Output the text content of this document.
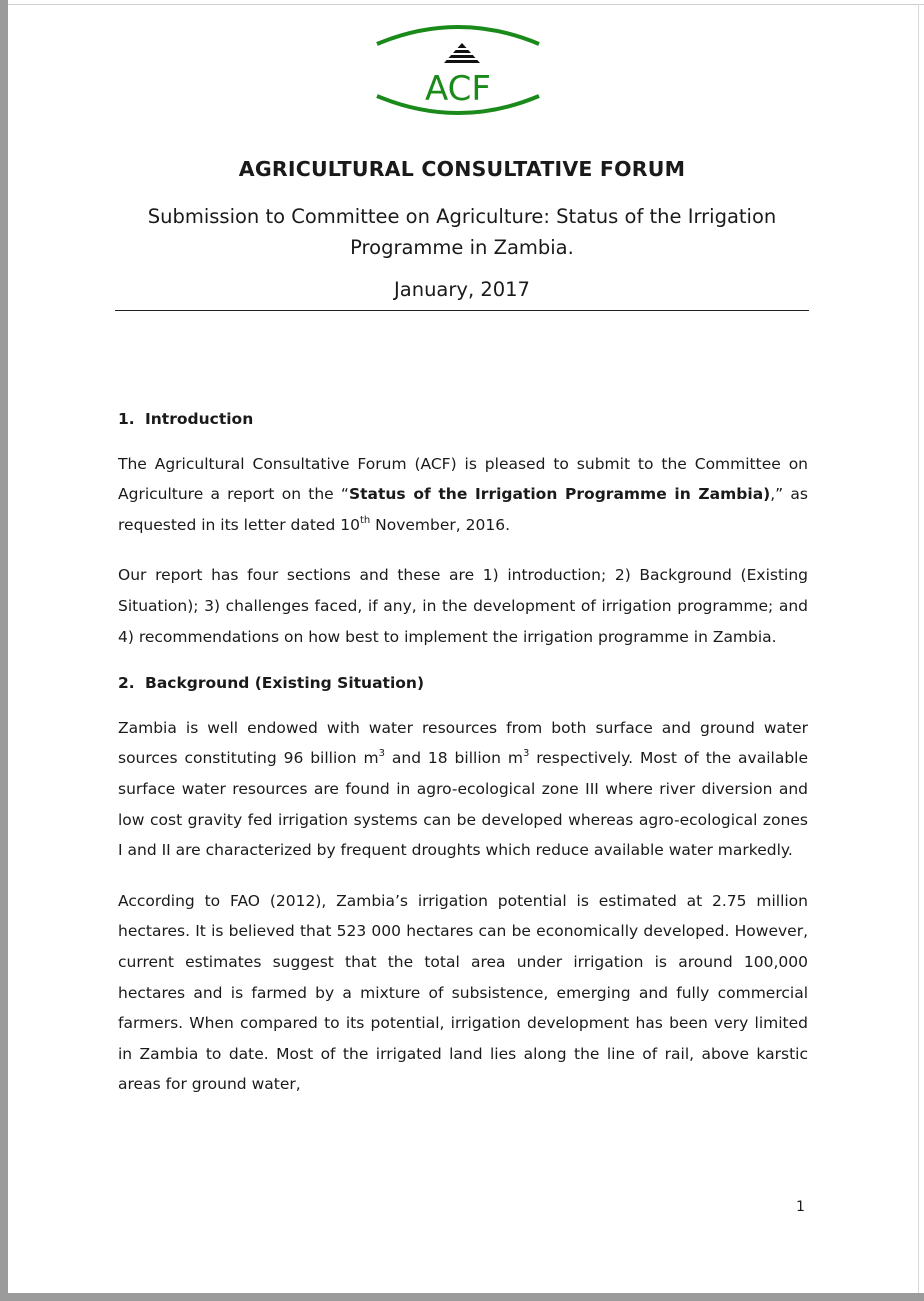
ACF
AGRICULTURAL CONSULTATIVE FORUM
Submission to Committee on Agriculture: Status of the Irrigation Programme in Zambia.
January, 2017
1. Introduction

The Agricultural Consultative Forum (ACF) is pleased to submit to the Committee on Agriculture a report on the “Status of the Irrigation Programme in Zambia),” as requested in its letter dated 10th November, 2016.

Our report has four sections and these are 1) introduction; 2) Background (Existing Situation); 3) challenges faced, if any, in the development of irrigation programme; and 4) recommendations on how best to implement the irrigation programme in Zambia.

2. Background (Existing Situation)

Zambia is well endowed with water resources from both surface and ground water sources constituting 96 billion $m^3$ and 18 billion $m^3$ respectively. Most of the available surface water resources are found in agro-ecological zone III where river diversion and low cost gravity fed irrigation systems can be developed whereas agro-ecological zones I and II are characterized by frequent droughts which reduce available water markedly.

According to FAO (2012), Zambia’s irrigation potential is estimated at 2.75 million hectares. It is believed that 523 000 hectares can be economically developed. However, current estimates suggest that the total area under irrigation is around 100,000 hectares and is farmed by a mixture of subsistence, emerging and fully commercial farmers. When compared to its potential, irrigation development has been very limited in Zambia to date. Most of the irrigated land lies along the line of rail, above karstic areas for ground water,

1
